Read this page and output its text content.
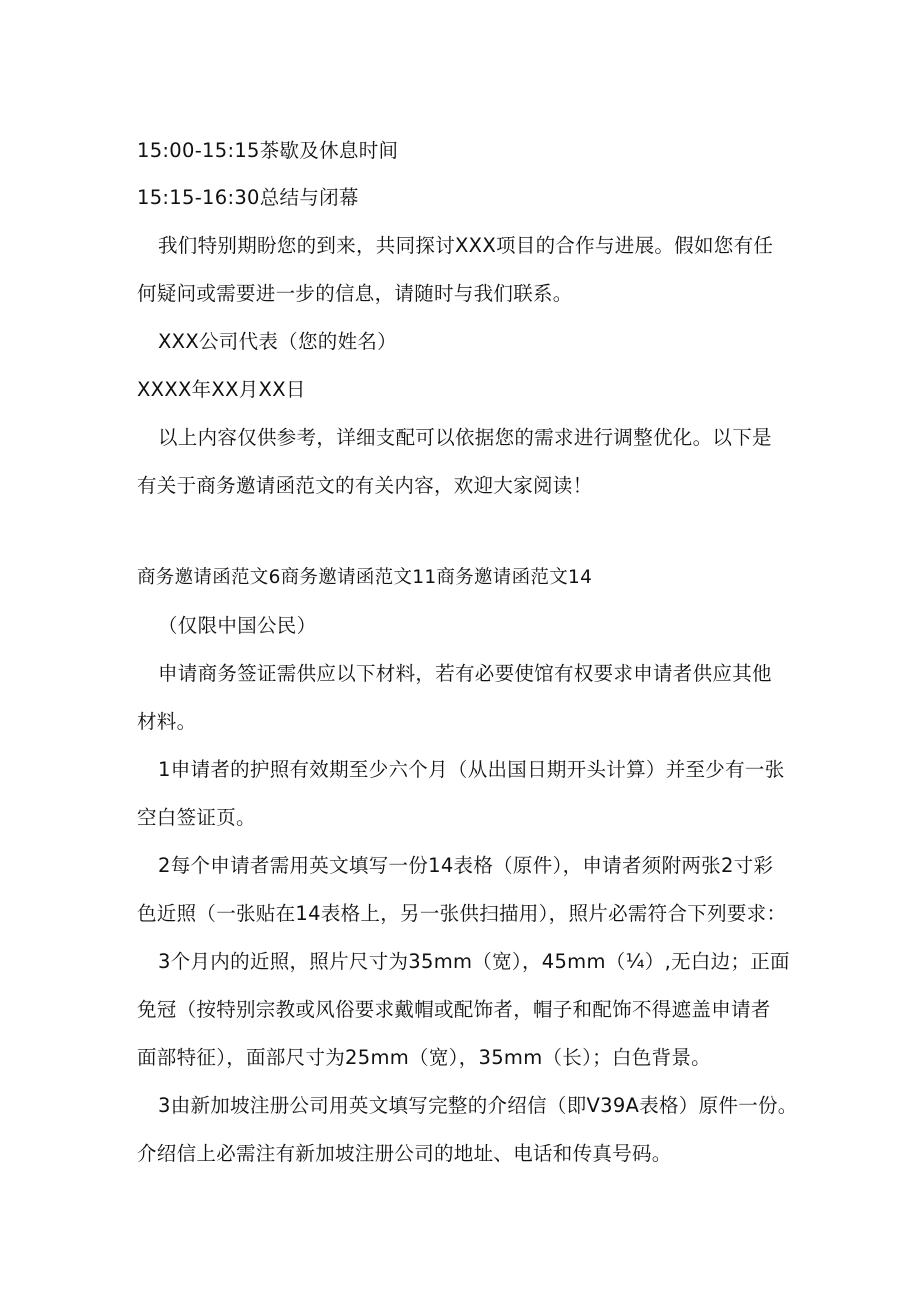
15:00-15:15茶歇及休息时间
15:15-16:30总结与闭幕
我们特别期盼您的到来，共同探讨XXX项目的合作与进展。假如您有任
何疑问或需要进一步的信息，请随时与我们联系。
XXX公司代表（您的姓名）
XXXX年XX月XX日
以上内容仅供参考，详细支配可以依据您的需求进行调整优化。以下是
有关于商务邀请函范文的有关内容，欢迎大家阅读！
商务邀请函范文6商务邀请函范文11商务邀请函范文14
（仅限中国公民）
申请商务签证需供应以下材料，若有必要使馆有权要求申请者供应其他
材料。
1申请者的护照有效期至少六个月（从出国日期开头计算）并至少有一张
空白签证页。
2每个申请者需用英文填写一份14表格（原件），申请者须附两张2寸彩
色近照（一张贴在14表格上，另一张供扫描用），照片必需符合下列要求：
3个月内的近照，照片尺寸为35mm（宽），45mm（¼）,无白边；正面
免冠（按特别宗教或风俗要求戴帽或配饰者，帽子和配饰不得遮盖申请者
面部特征），面部尺寸为25mm（宽），35mm（长）；白色背景。
3由新加坡注册公司用英文填写完整的介绍信（即V39A表格）原件一份。
介绍信上必需注有新加坡注册公司的地址、电话和传真号码。
